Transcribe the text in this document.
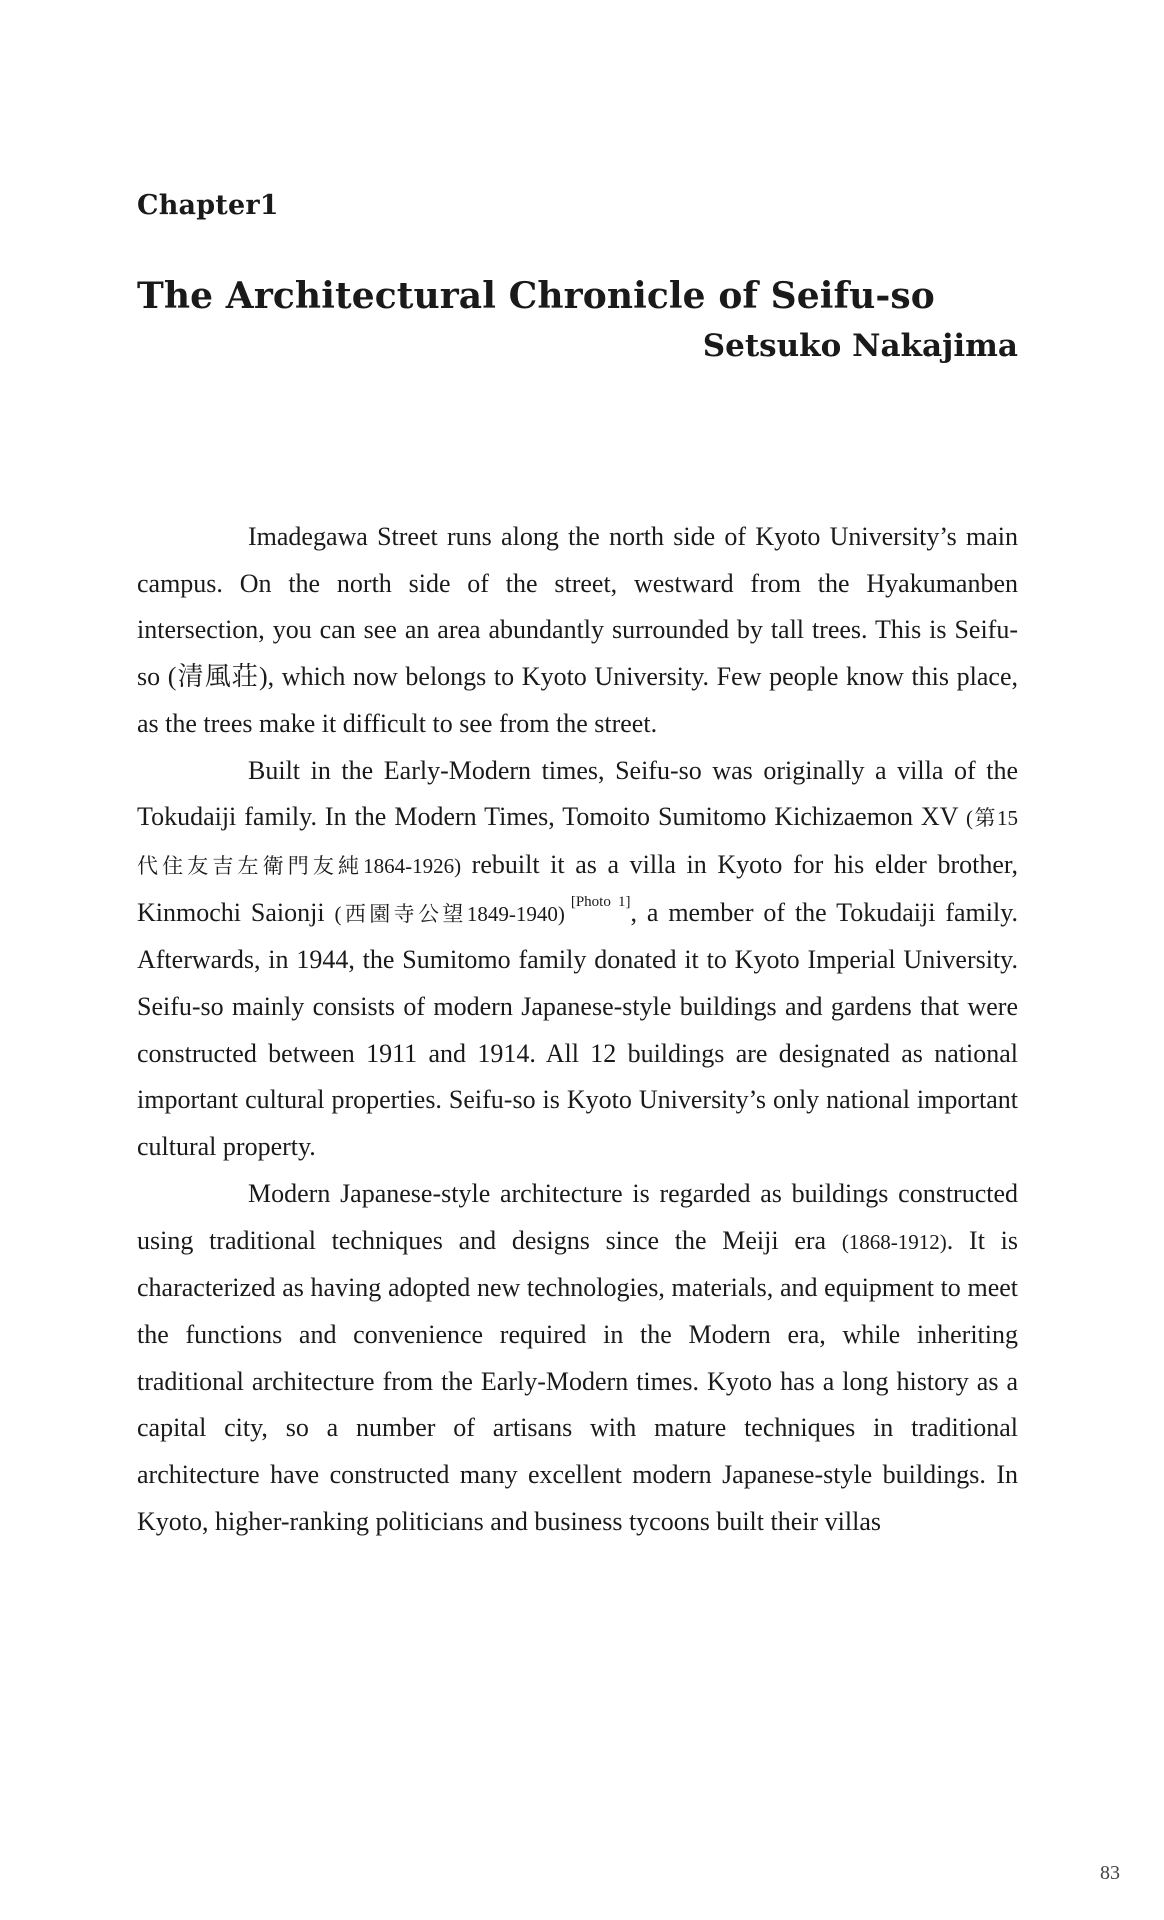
Chapter1
The Architectural Chronicle of Seifu-so
Setsuko Nakajima

Imadegawa Street runs along the north side of Kyoto University’s main campus. On the north side of the street, westward from the Hyakumanben intersection, you can see an area abundantly surrounded by tall trees. This is Seifu-so (清風荘), which now belongs to Kyoto University. Few people know this place, as the trees make it difficult to see from the street.

Built in the Early-Modern times, Seifu-so was originally a villa of the Tokudaiji family. In the Modern Times, Tomoito Sumitomo Kichizaemon XV (第15代住友吉左衛門友純1864-1926) rebuilt it as a villa in Kyoto for his elder brother, Kinmochi Saionji (西園寺公望1849-1940) [Photo 1], a member of the Tokudaiji family. Afterwards, in 1944, the Sumitomo family donated it to Kyoto Imperial University. Seifu-so mainly consists of modern Japanese-style buildings and gardens that were constructed between 1911 and 1914. All 12 buildings are designated as national important cultural properties. Seifu-so is Kyoto University’s only national important cultural property.

Modern Japanese-style architecture is regarded as buildings constructed using traditional techniques and designs since the Meiji era (1868-1912). It is characterized as having adopted new technologies, materials, and equipment to meet the functions and convenience required in the Modern era, while inheriting traditional architecture from the Early-Modern times. Kyoto has a long history as a capital city, so a number of artisans with mature techniques in traditional architecture have constructed many excellent modern Japanese-style buildings. In Kyoto, higher-ranking politicians and business tycoons built their villas

83
